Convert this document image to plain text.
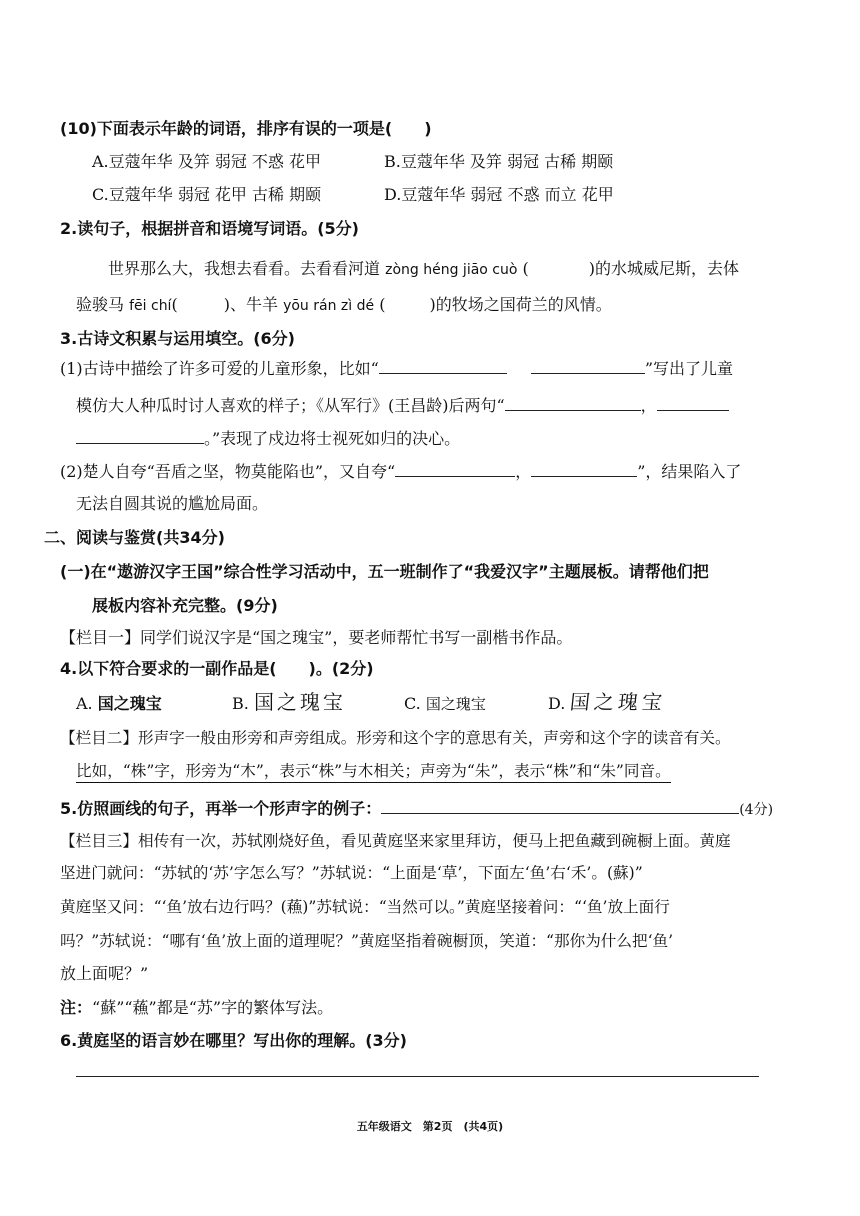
(10)下面表示年龄的词语，排序有误的一项是(　　)
A.豆蔻年华 及笄 弱冠 不惑 花甲	B.豆蔻年华 及笄 弱冠 古稀 期颐
C.豆蔻年华 弱冠 花甲 古稀 期颐	D.豆蔻年华 弱冠 不惑 而立 花甲
2.读句子，根据拼音和语境写词语。(5分)
世界那么大，我想去看看。去看看河道 zòng héng jiāo cuò (	)的水城威尼斯，去体
验骏马 fēi chí(	)、牛羊 yōu rán zì dé (	)的牧场之国荷兰的风情。
3.古诗文积累与运用填空。(6分)
(1)古诗中描绘了许多可爱的儿童形象，比如“	”写出了儿童
模仿大人种瓜时讨人喜欢的样子；《从军行》(王昌龄)后两句“	，
。”表现了戍边将士视死如归的决心。
(2)楚人自夸“吾盾之坚，物莫能陷也”，又自夸“	，	”，结果陷入了
无法自圆其说的尴尬局面。
二、阅读与鉴赏(共34分)
(一)在“遨游汉字王国”综合性学习活动中，五一班制作了“我爱汉字”主题展板。请帮他们把
展板内容补充完整。(9分)
【栏目一】同学们说汉字是“国之瑰宝”，要老师帮忙书写一副楷书作品。
4.以下符合要求的一副作品是(　　)。(2分)
A. 国之瑰宝	B. 国之瑰宝	C. 国之瑰宝	D. 国之瑰宝
【栏目二】形声字一般由形旁和声旁组成。形旁和这个字的意思有关，声旁和这个字的读音有关。
比如，“株”字，形旁为“木”，表示“株”与木相关；声旁为“朱”，表示“株”和“朱”同音。
5.仿照画线的句子，再举一个形声字的例子：	(4分)
【栏目三】相传有一次，苏轼刚烧好鱼，看见黄庭坚来家里拜访，便马上把鱼藏到碗橱上面。黄庭
坚进门就问：“苏轼的‘苏’字怎么写？”苏轼说：“上面是‘草’，下面左‘鱼’右‘禾’。(蘇)”
黄庭坚又问：“‘鱼’放右边行吗？(蘓)”苏轼说：“当然可以。”黄庭坚接着问：“‘鱼’放上面行
吗？”苏轼说：“哪有‘鱼’放上面的道理呢？”黄庭坚指着碗橱顶，笑道：“那你为什么把‘鱼’
放上面呢？”
注：“蘇”“蘓”都是“苏”字的繁体写法。
6.黄庭坚的语言妙在哪里？写出你的理解。(3分)
五年级语文　第2页　(共4页)
